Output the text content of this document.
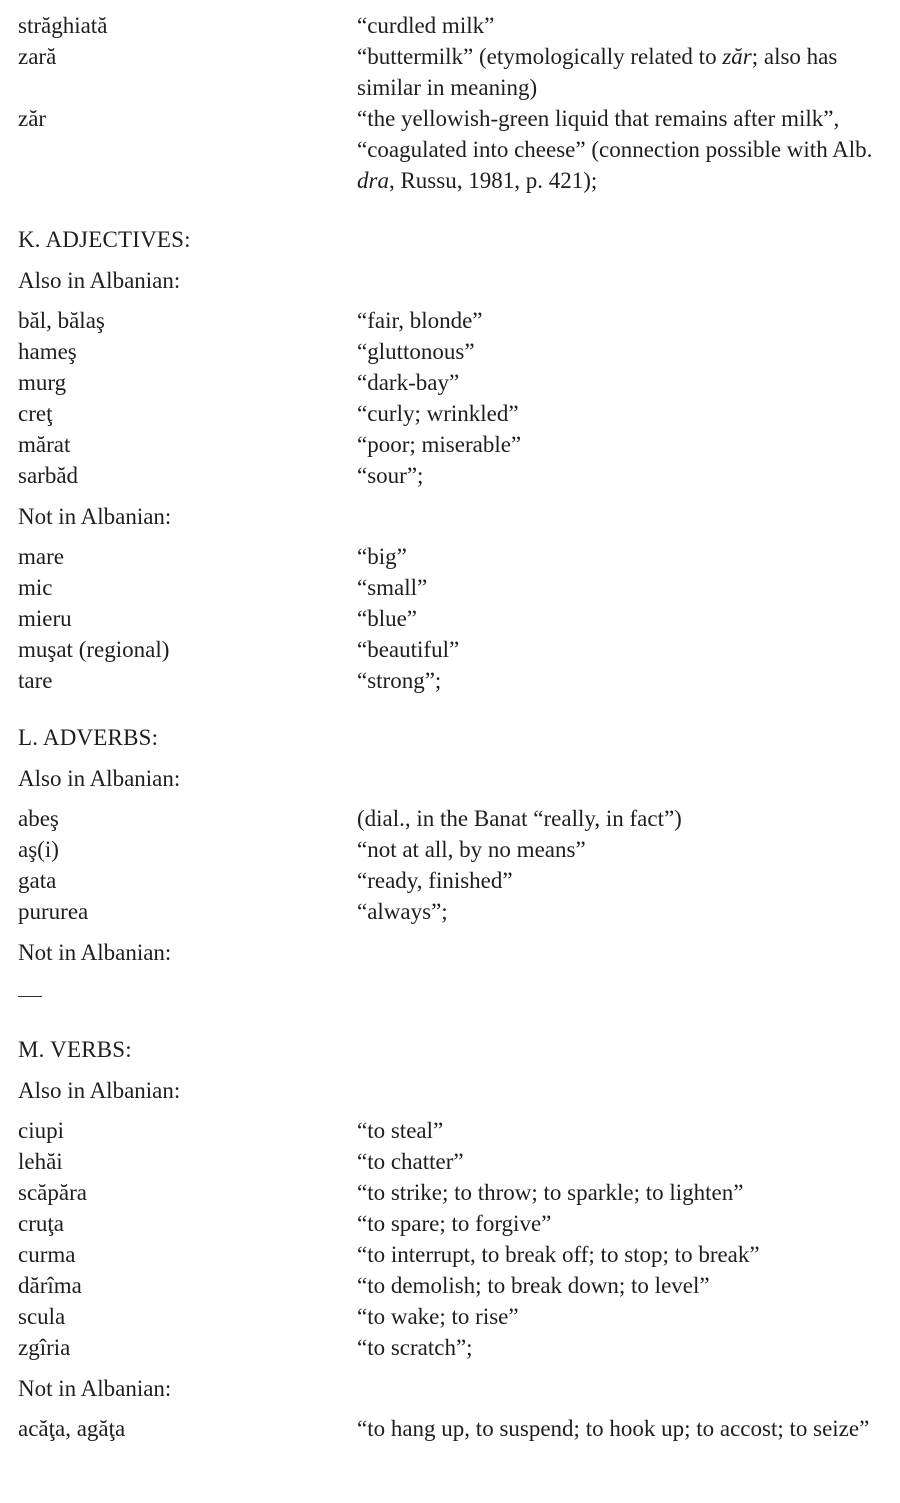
străghiată	“curdled milk”
zară	“buttermilk” (etymologically related to zăr; also has similar in meaning)
zăr	“the yellowish-green liquid that remains after milk”, “coagulated into cheese” (connection possible with Alb. dra, Russu, 1981, p. 421);
K. ADJECTIVES:
Also in Albanian:
băl, bălaş	“fair, blonde”
hameş	“gluttonous”
murg	“dark-bay”
creţ	“curly; wrinkled”
mărat	“poor; miserable”
sarbăd	“sour”;
Not in Albanian:
mare	“big”
mic	“small”
mieru	“blue”
muşat (regional)	“beautiful”
tare	“strong”;
L. ADVERBS:
Also in Albanian:
abeş	(dial., in the Banat “really, in fact”)
aş(i)	“not at all, by no means”
gata	“ready, finished”
pururea	“always”;
Not in Albanian:
M. VERBS:
Also in Albanian:
ciupi	“to steal”
lehăi	“to chatter”
scăpăra	“to strike; to throw; to sparkle; to lighten”
cruţa	“to spare; to forgive”
curma	“to interrupt, to break off; to stop; to break”
dărîma	“to demolish; to break down; to level”
scula	“to wake; to rise”
zgîria	“to scratch”;
Not in Albanian:
acăţa, agăţa	“to hang up, to suspend; to hook up; to accost; to seize”
